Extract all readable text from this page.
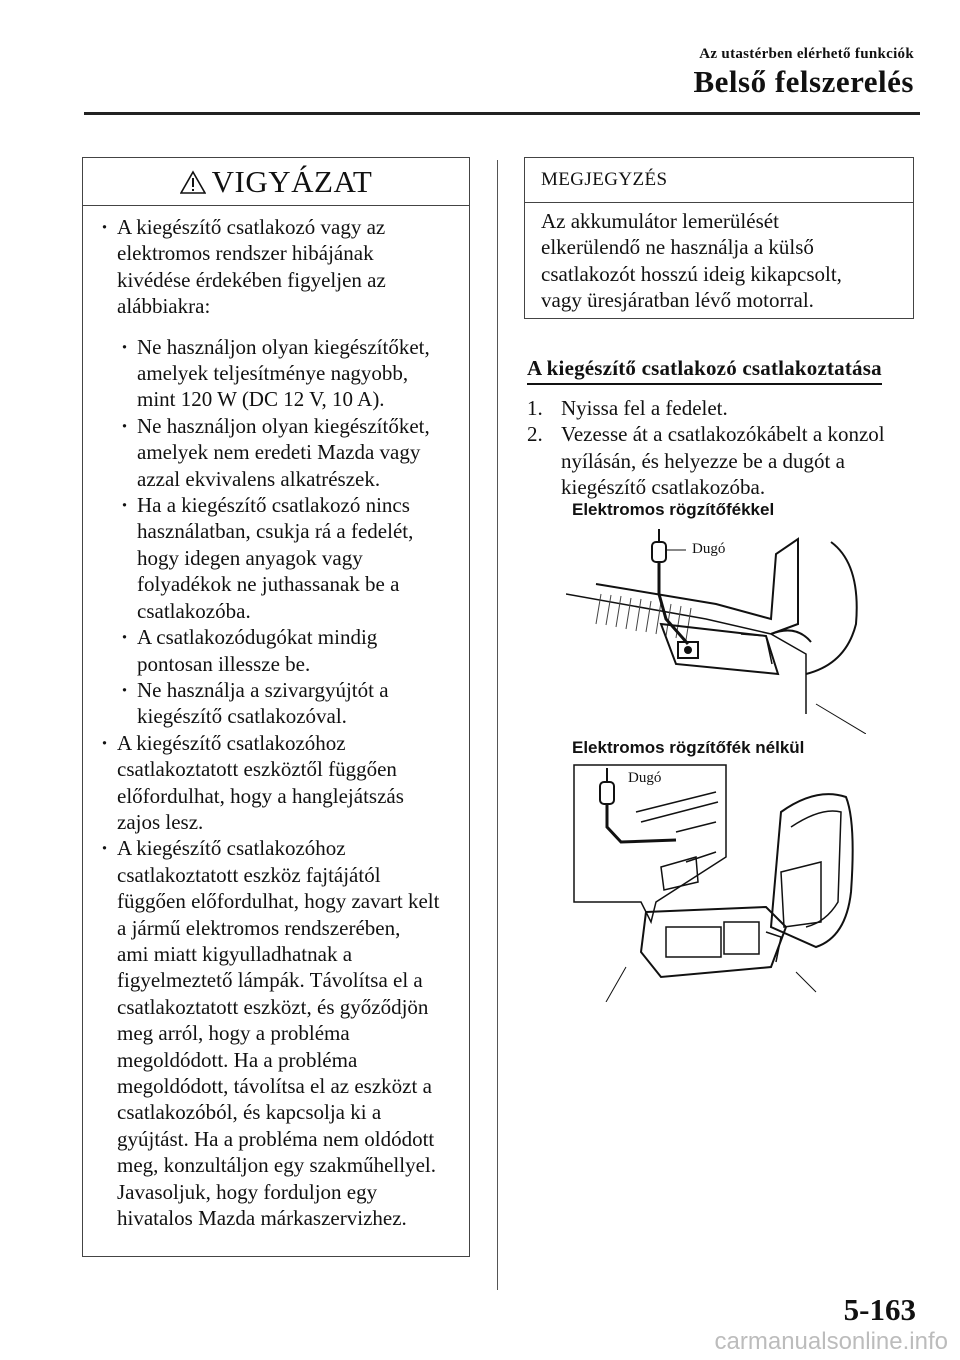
Az utastérben elérhető funkciók
Belső felszerelés
VIGYÁZAT
· A kiegészítő csatlakozó vagy az
elektromos rendszer hibájának
kivédése érdekében figyeljen az
alábbiakra:
· Ne használjon olyan kiegészítőket,
amelyek teljesítménye nagyobb,
mint 120 W (DC 12 V, 10 A).
· Ne használjon olyan kiegészítőket,
amelyek nem eredeti Mazda vagy
azzal ekvivalens alkatrészek.
· Ha a kiegészítő csatlakozó nincs
használatban, csukja rá a fedelét,
hogy idegen anyagok vagy
folyadékok ne juthassanak be a
csatlakozóba.
· A csatlakozódugókat mindig
pontosan illessze be.
· Ne használja a szivargyújtót a
kiegészítő csatlakozóval.
· A kiegészítő csatlakozóhoz
csatlakoztatott eszköztől függően
előfordulhat, hogy a hanglejátszás
zajos lesz.
· A kiegészítő csatlakozóhoz
csatlakoztatott eszköz fajtájától
függően előfordulhat, hogy zavart kelt
a jármű elektromos rendszerében,
ami miatt kigyulladhatnak a
figyelmeztető lámpák. Távolítsa el a
csatlakoztatott eszközt, és győződjön
meg arról, hogy a probléma
megoldódott. Ha a probléma
megoldódott, távolítsa el az eszközt a
csatlakozóból, és kapcsolja ki a
gyújtást. Ha a probléma nem oldódott
meg, konzultáljon egy szakműhellyel.
Javasoljuk, hogy forduljon egy
hivatalos Mazda márkaszervizhez.
MEGJEGYZÉS
Az akkumulátor lemerülését
elkerülendő ne használja a külső
csatlakozót hosszú ideig kikapcsolt,
vagy üresjáratban lévő motorral.
A kiegészítő csatlakozó csatlakoztatása
1. Nyissa fel a fedelet.
2. Vezesse át a csatlakozókábelt a konzol
nyílásán, és helyezze be a dugót a
kiegészítő csatlakozóba.
Elektromos rögzítőfékkel
Dugó
Elektromos rögzítőfék nélkül
Dugó
5-163
carmanualsonline.info
